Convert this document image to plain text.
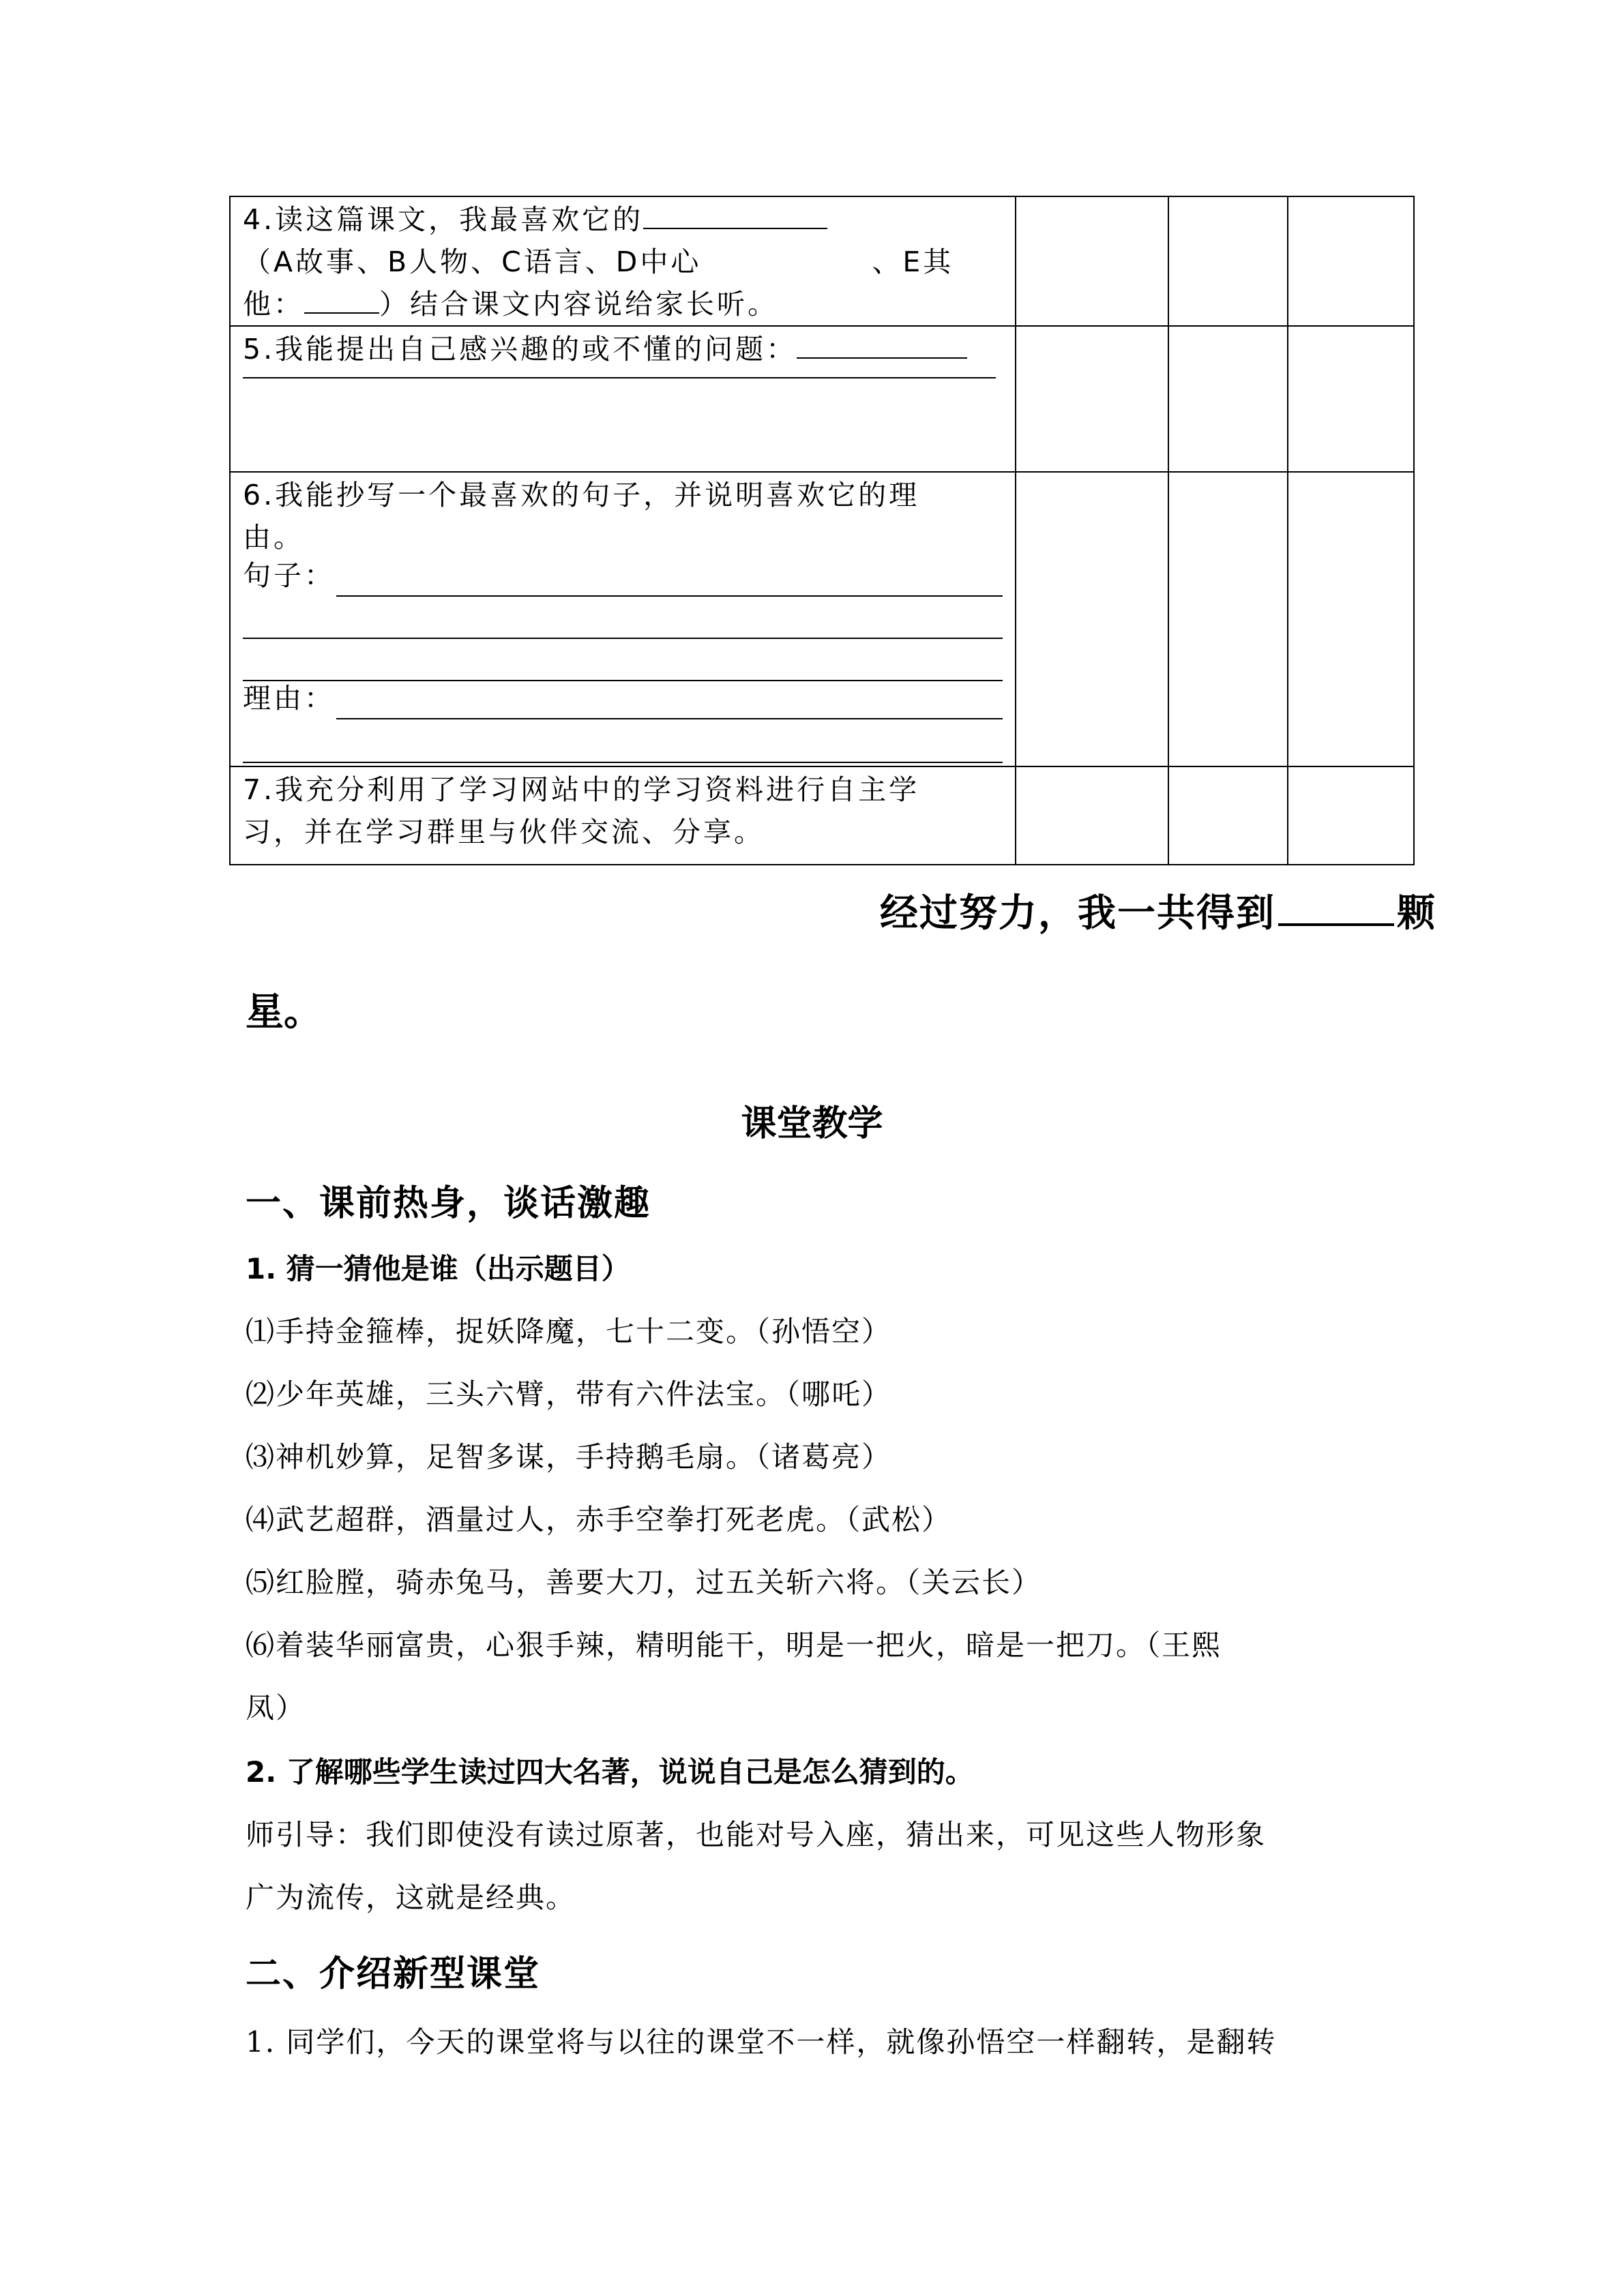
4.读这篇课文，我最喜欢它的
（A故事、B人物、C语言、D中心 、E其
他： ）结合课文内容说给家长听。			

5.我能提出自己感兴趣的或不懂的问题：			

6.我能抄写一个最喜欢的句子，并说明喜欢它的理
由。
句子：
理由：			

7.我充分利用了学习网站中的学习资料进行自主学
习，并在学习群里与伙伴交流、分享。			

经过努力，我一共得到	颗
星。
课堂教学
一、课前热身，谈话激趣
1. 猜一猜他是谁（出示题目）
⑴手持金箍棒，捉妖降魔，七十二变。（孙悟空）
⑵少年英雄，三头六臂，带有六件法宝。（哪吒）
⑶神机妙算，足智多谋，手持鹅毛扇。（诸葛亮）
⑷武艺超群，酒量过人，赤手空拳打死老虎。（武松）
⑸红脸膛，骑赤兔马，善要大刀，过五关斩六将。（关云长）
⑹着装华丽富贵，心狠手辣，精明能干，明是一把火，暗是一把刀。（王熙
凤）
2. 了解哪些学生读过四大名著，说说自己是怎么猜到的。
师引导：我们即使没有读过原著，也能对号入座，猜出来，可见这些人物形象
广为流传，这就是经典。
二、介绍新型课堂
1. 同学们，今天的课堂将与以往的课堂不一样，就像孙悟空一样翻转，是翻转
